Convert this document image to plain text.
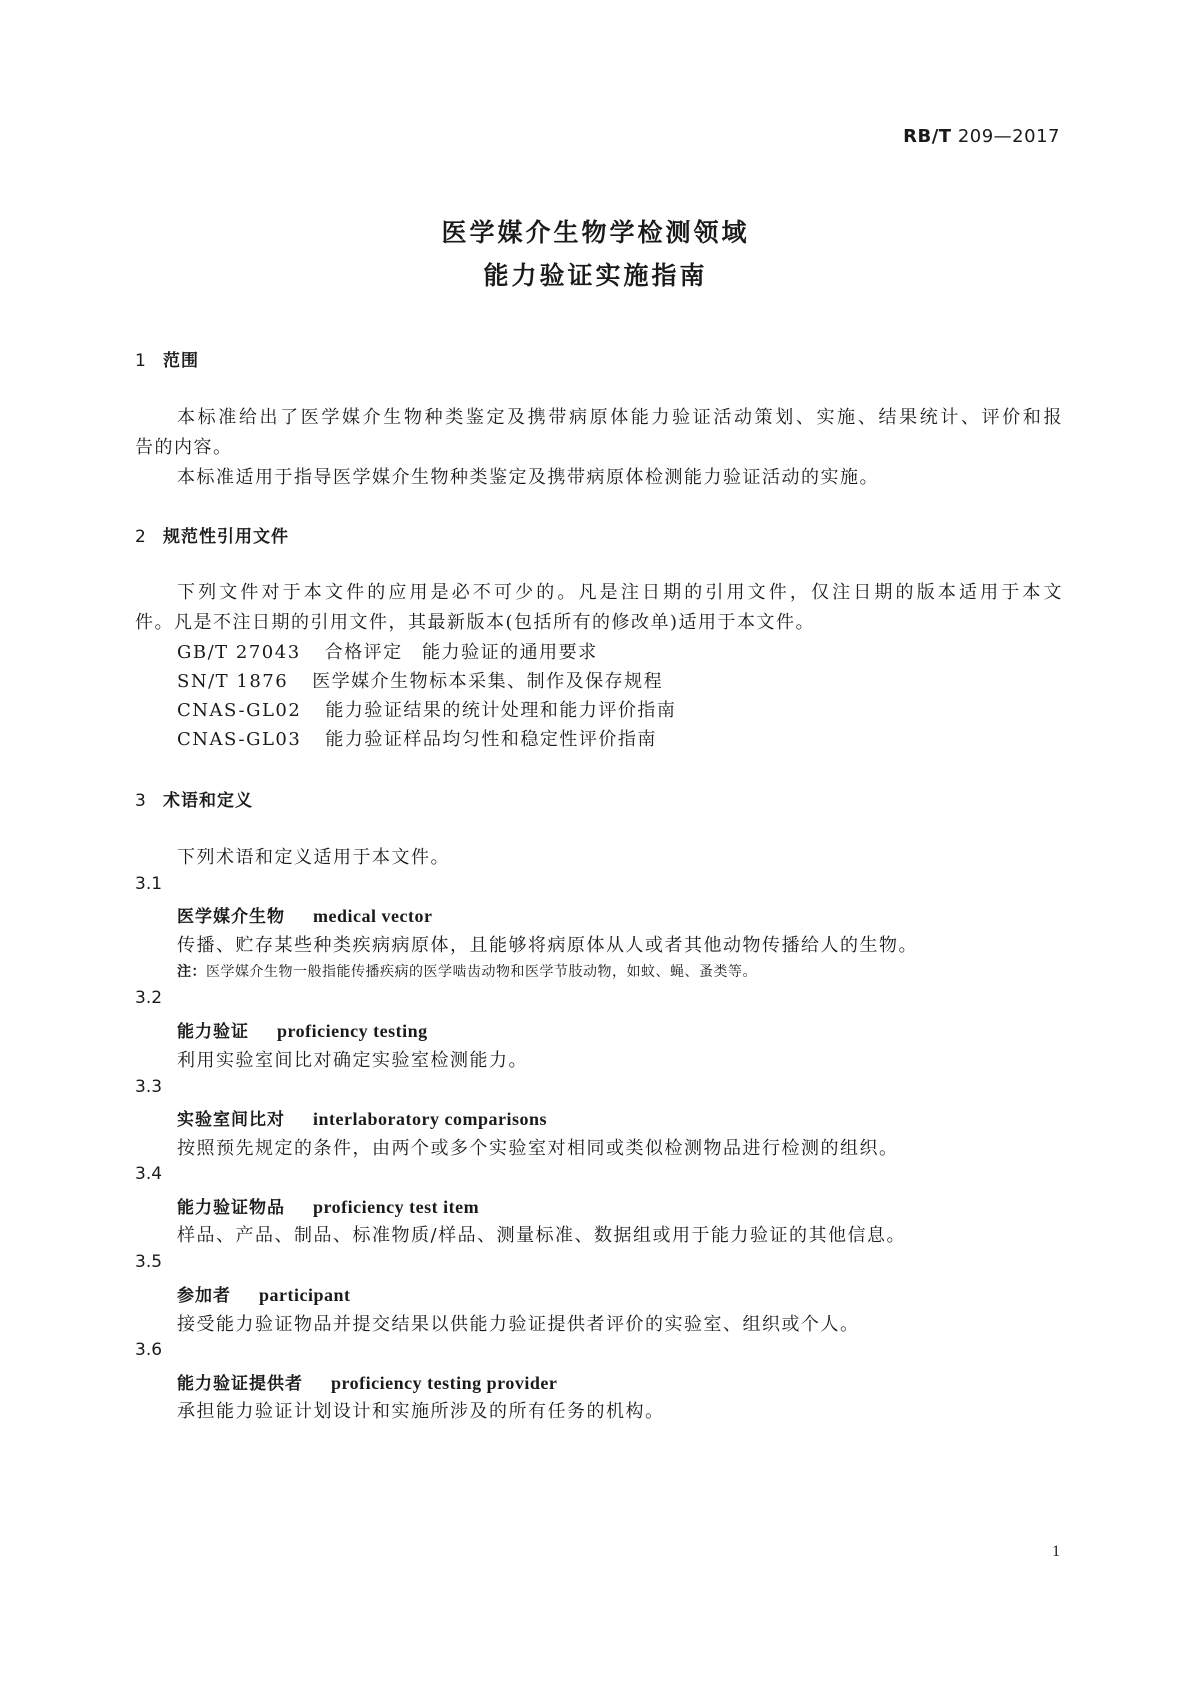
RB/T 209—2017
医学媒介生物学检测领域
能力验证实施指南
1 范围
本标准给出了医学媒介生物种类鉴定及携带病原体能力验证活动策划、实施、结果统计、评价和报
告的内容。
本标准适用于指导医学媒介生物种类鉴定及携带病原体检测能力验证活动的实施。
2 规范性引用文件
下列文件对于本文件的应用是必不可少的。凡是注日期的引用文件，仅注日期的版本适用于本文
件。凡是不注日期的引用文件，其最新版本(包括所有的修改单)适用于本文件。
GB/T 27043 合格评定　能力验证的通用要求
SN/T 1876 医学媒介生物标本采集、制作及保存规程
CNAS-GL02 能力验证结果的统计处理和能力评价指南
CNAS-GL03 能力验证样品均匀性和稳定性评价指南
3 术语和定义
下列术语和定义适用于本文件。
3.1
医学媒介生物 medical vector
传播、贮存某些种类疾病病原体，且能够将病原体从人或者其他动物传播给人的生物。
注：医学媒介生物一般指能传播疾病的医学啮齿动物和医学节肢动物，如蚊、蝇、蚤类等。
3.2
能力验证 proficiency testing
利用实验室间比对确定实验室检测能力。
3.3
实验室间比对 interlaboratory comparisons
按照预先规定的条件，由两个或多个实验室对相同或类似检测物品进行检测的组织。
3.4
能力验证物品 proficiency test item
样品、产品、制品、标准物质/样品、测量标准、数据组或用于能力验证的其他信息。
3.5
参加者 participant
接受能力验证物品并提交结果以供能力验证提供者评价的实验室、组织或个人。
3.6
能力验证提供者 proficiency testing provider
承担能力验证计划设计和实施所涉及的所有任务的机构。
1
